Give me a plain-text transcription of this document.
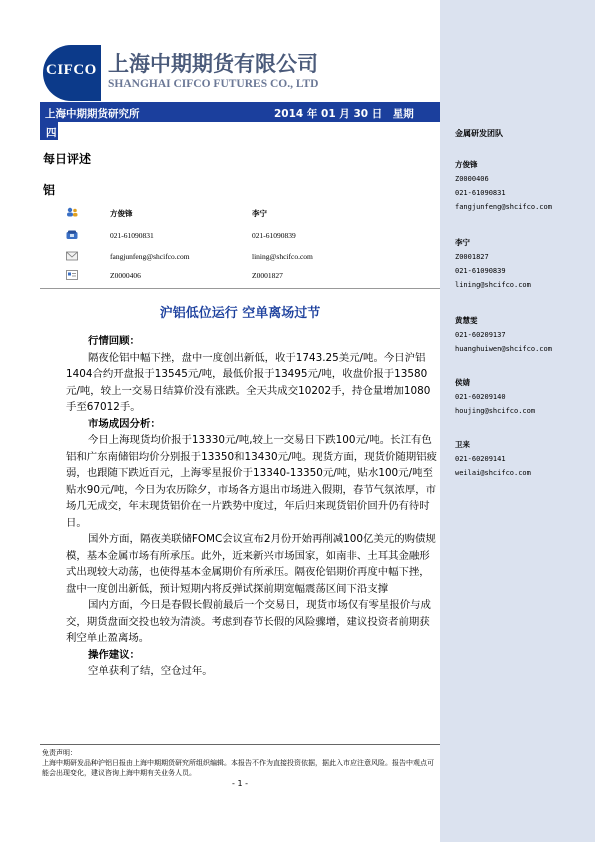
CIFCO 上海中期期货有限公司
SHANGHAI CIFCO FUTURES CO., LTD
上海中期期货研究所	2014 年 01 月 30 日　星期
四
每日评述
铝
方俊锋	李宁
021-61090831	021-61090839
fangjunfeng@shcifco.com	lining@shcifco.com
Z0000406	Z0001827
沪铝低位运行 空单离场过节

行情回顾：

隔夜伦铝中幅下挫，盘中一度创出新低，收于1743.25美元/吨。今日沪铝1404合约开盘报于13545元/吨，最低价报于13495元/吨，收盘价报于13580元/吨，较上一交易日结算价没有涨跌。全天共成交10202手，持仓量增加1080手至67012手。

市场成因分析：

今日上海现货均价报于13330元/吨,较上一交易日下跌100元/吨。长江有色铝和广东南储铝均价分别报于13350和13430元/吨。现货方面，现货价随期铝疲弱，也跟随下跌近百元，上海零星报价于13340-13350元/吨，贴水100元/吨至贴水90元/吨，今日为农历除夕，市场各方退出市场进入假期，春节气氛浓厚，市场几无成交，年末现货铝价在一片跌势中度过，年后归来现货铝价回升仍有待时日。

国外方面，隔夜美联储FOMC会议宣布2月份开始再削减100亿美元的购债规模，基本金属市场有所承压。此外，近来新兴市场国家，如南非、土耳其金融形式出现较大动荡，也使得基本金属期价有所承压。隔夜伦铝期价再度中幅下挫，盘中一度创出新低，预计短期内将反弹试探前期宽幅震荡区间下沿支撑

国内方面，今日是春假长假前最后一个交易日，现货市场仅有零星报价与成交，期货盘面交投也较为清淡。考虑到春节长假的风险骤增，建议投资者前期获利空单止盈离场。

操作建议：

空单获利了结，空仓过年。

免责声明：
上海中期研发品种沪铝日报由上海中期期货研究所组织编辑。本报告不作为直接投资依据，据此入市应注意风险。报告中观点可能会出现变化，建议咨询上海中期有关业务人员。
- 1 -
金属研发团队
方俊锋
Z0000406
021-61090831
fangjunfeng@shcifco.com
李宁
Z0001827
021-61090839
lining@shcifco.com
黄慧雯
021-60209137
huanghuiwen@shcifco.com
侯婧
021-60209140
houjing@shcifco.com
卫来
021-60209141
weilai@shcifco.com
